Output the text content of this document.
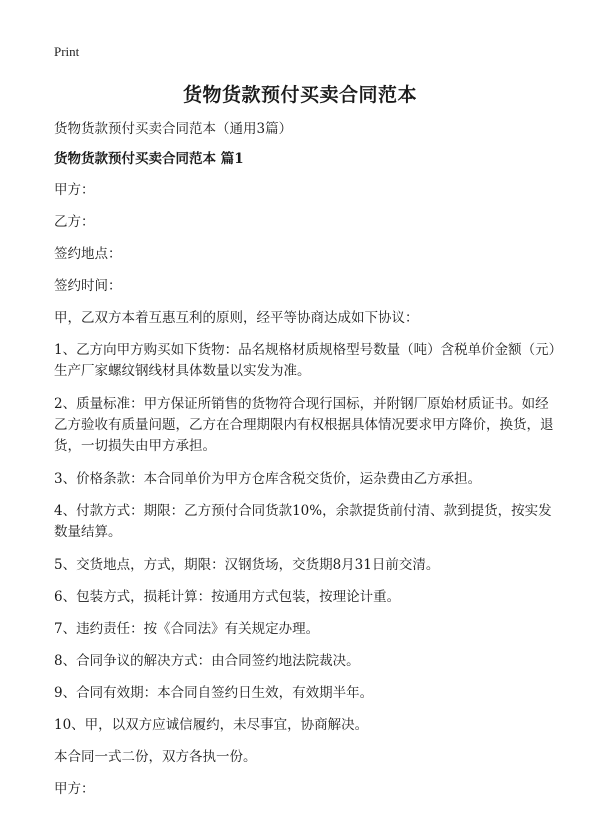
Print
货物货款预付买卖合同范本

货物货款预付买卖合同范本（通用3篇）

货物货款预付买卖合同范本 篇1

甲方：

乙方：

签约地点：

签约时间：

甲，乙双方本着互惠互利的原则，经平等协商达成如下协议：

1、乙方向甲方购买如下货物：品名规格材质规格型号数量（吨）含税单价金额（元）生产厂家螺纹钢线材具体数量以实发为准。

2、质量标准：甲方保证所销售的货物符合现行国标，并附钢厂原始材质证书。如经乙方验收有质量问题，乙方在合理期限内有权根据具体情况要求甲方降价，换货，退货，一切损失由甲方承担。

3、价格条款：本合同单价为甲方仓库含税交货价，运杂费由乙方承担。

4、付款方式：期限：乙方预付合同货款10%，余款提货前付清、款到提货，按实发数量结算。

5、交货地点，方式，期限：汉钢货场，交货期8月31日前交清。

6、包装方式，损耗计算：按通用方式包装，按理论计重。

7、违约责任：按《合同法》有关规定办理。

8、合同争议的解决方式：由合同签约地法院裁决。

9、合同有效期：本合同自签约日生效，有效期半年。

10、甲，以双方应诚信履约，未尽事宜，协商解决。

本合同一式二份，双方各执一份。

甲方：
